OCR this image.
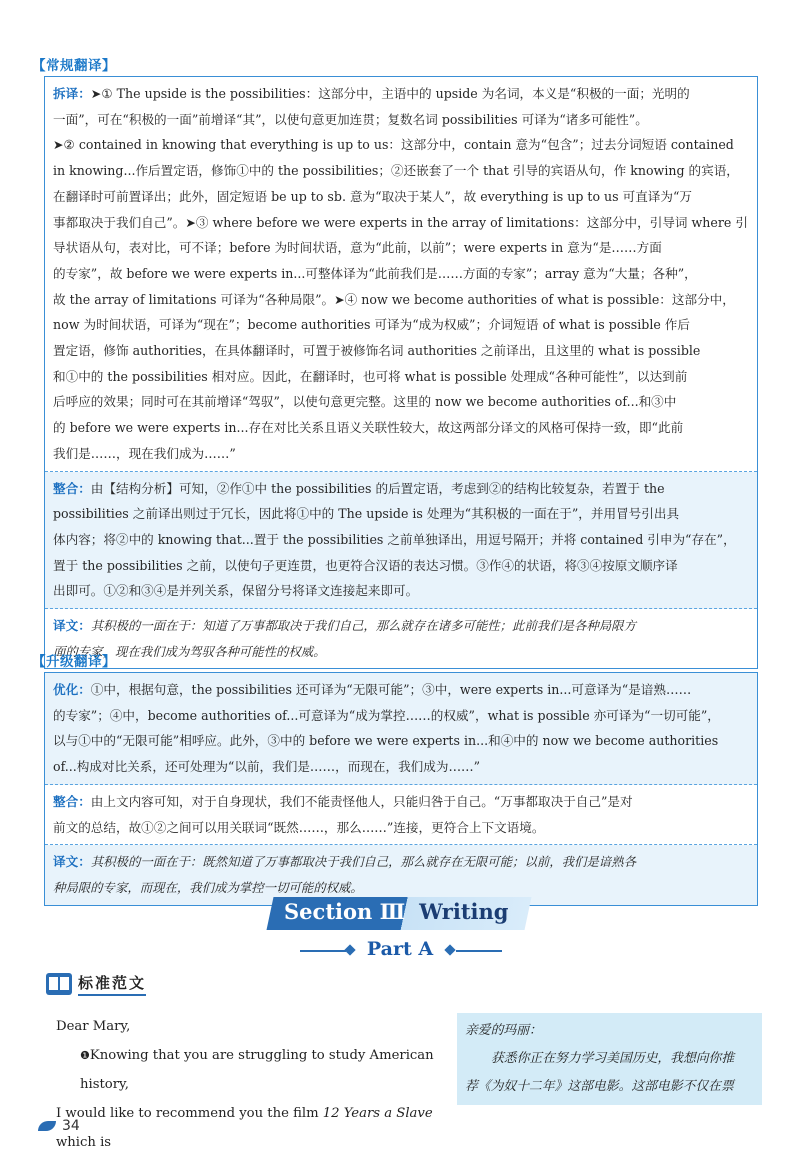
【常规翻译】
拆译：➤① The upside is the possibilities：这部分中，主语中的 upside 为名词，本义是“积极的一面；光明的
一面”，可在“积极的一面”前增译“其”，以使句意更加连贯；复数名词 possibilities 可译为“诸多可能性”。
➤② contained in knowing that everything is up to us：这部分中，contain 意为“包含”；过去分词短语 contained
in knowing...作后置定语，修饰①中的 the possibilities；②还嵌套了一个 that 引导的宾语从句，作 knowing 的宾语，
在翻译时可前置译出；此外，固定短语 be up to sb. 意为“取决于某人”，故 everything is up to us 可直译为“万
事都取决于我们自己”。➤③ where before we were experts in the array of limitations：这部分中，引导词 where 引
导状语从句，表对比，可不译；before 为时间状语，意为“此前，以前”；were experts in 意为“是……方面
的专家”，故 before we were experts in...可整体译为“此前我们是……方面的专家”；array 意为“大量；各种”，
故 the array of limitations 可译为“各种局限”。➤④ now we become authorities of what is possible：这部分中，
now 为时间状语，可译为“现在”；become authorities 可译为“成为权威”；介词短语 of what is possible 作后
置定语，修饰 authorities，在具体翻译时，可置于被修饰名词 authorities 之前译出，且这里的 what is possible
和①中的 the possibilities 相对应。因此，在翻译时，也可将 what is possible 处理成“各种可能性”，以达到前
后呼应的效果；同时可在其前增译“驾驭”，以使句意更完整。这里的 now we become authorities of...和③中
的 before we were experts in...存在对比关系且语义关联性较大，故这两部分译文的风格可保持一致，即“此前
我们是……，现在我们成为……”
整合：由【结构分析】可知，②作①中 the possibilities 的后置定语，考虑到②的结构比较复杂，若置于 the
possibilities 之前译出则过于冗长，因此将①中的 The upside is 处理为“其积极的一面在于”，并用冒号引出具
体内容；将②中的 knowing that...置于 the possibilities 之前单独译出，用逗号隔开；并将 contained 引申为“存在”，
置于 the possibilities 之前，以使句子更连贯，也更符合汉语的表达习惯。③作④的状语，将③④按原文顺序译
出即可。①②和③④是并列关系，保留分号将译文连接起来即可。
译文：其积极的一面在于：知道了万事都取决于我们自己，那么就存在诸多可能性；此前我们是各种局限方
面的专家，现在我们成为驾驭各种可能性的权威。
【升级翻译】
优化：①中，根据句意，the possibilities 还可译为“无限可能”；③中，were experts in...可意译为“是谙熟……
的专家”；④中，become authorities of...可意译为“成为掌控……的权威”，what is possible 亦可译为“一切可能”，
以与①中的“无限可能”相呼应。此外，③中的 before we were experts in...和④中的 now we become authorities
of...构成对比关系，还可处理为“以前，我们是……，而现在，我们成为……”
整合：由上文内容可知，对于自身现状，我们不能责怪他人，只能归咎于自己。“万事都取决于自己”是对
前文的总结，故①②之间可以用关联词“既然……，那么……”连接，更符合上下文语境。
译文：其积极的一面在于：既然知道了万事都取决于我们自己，那么就存在无限可能；以前，我们是谙熟各
种局限的专家，而现在，我们成为掌控一切可能的权威。
Section Ⅲ Writing
Part A
标准范文
Dear Mary,
❶Knowing that you are struggling to study American history,
I would like to recommend you the film 12 Years a Slave which is
亲爱的玛丽：
获悉你正在努力学习美国历史，我想向你推
荐《为奴十二年》这部电影。这部电影不仅在票
34
